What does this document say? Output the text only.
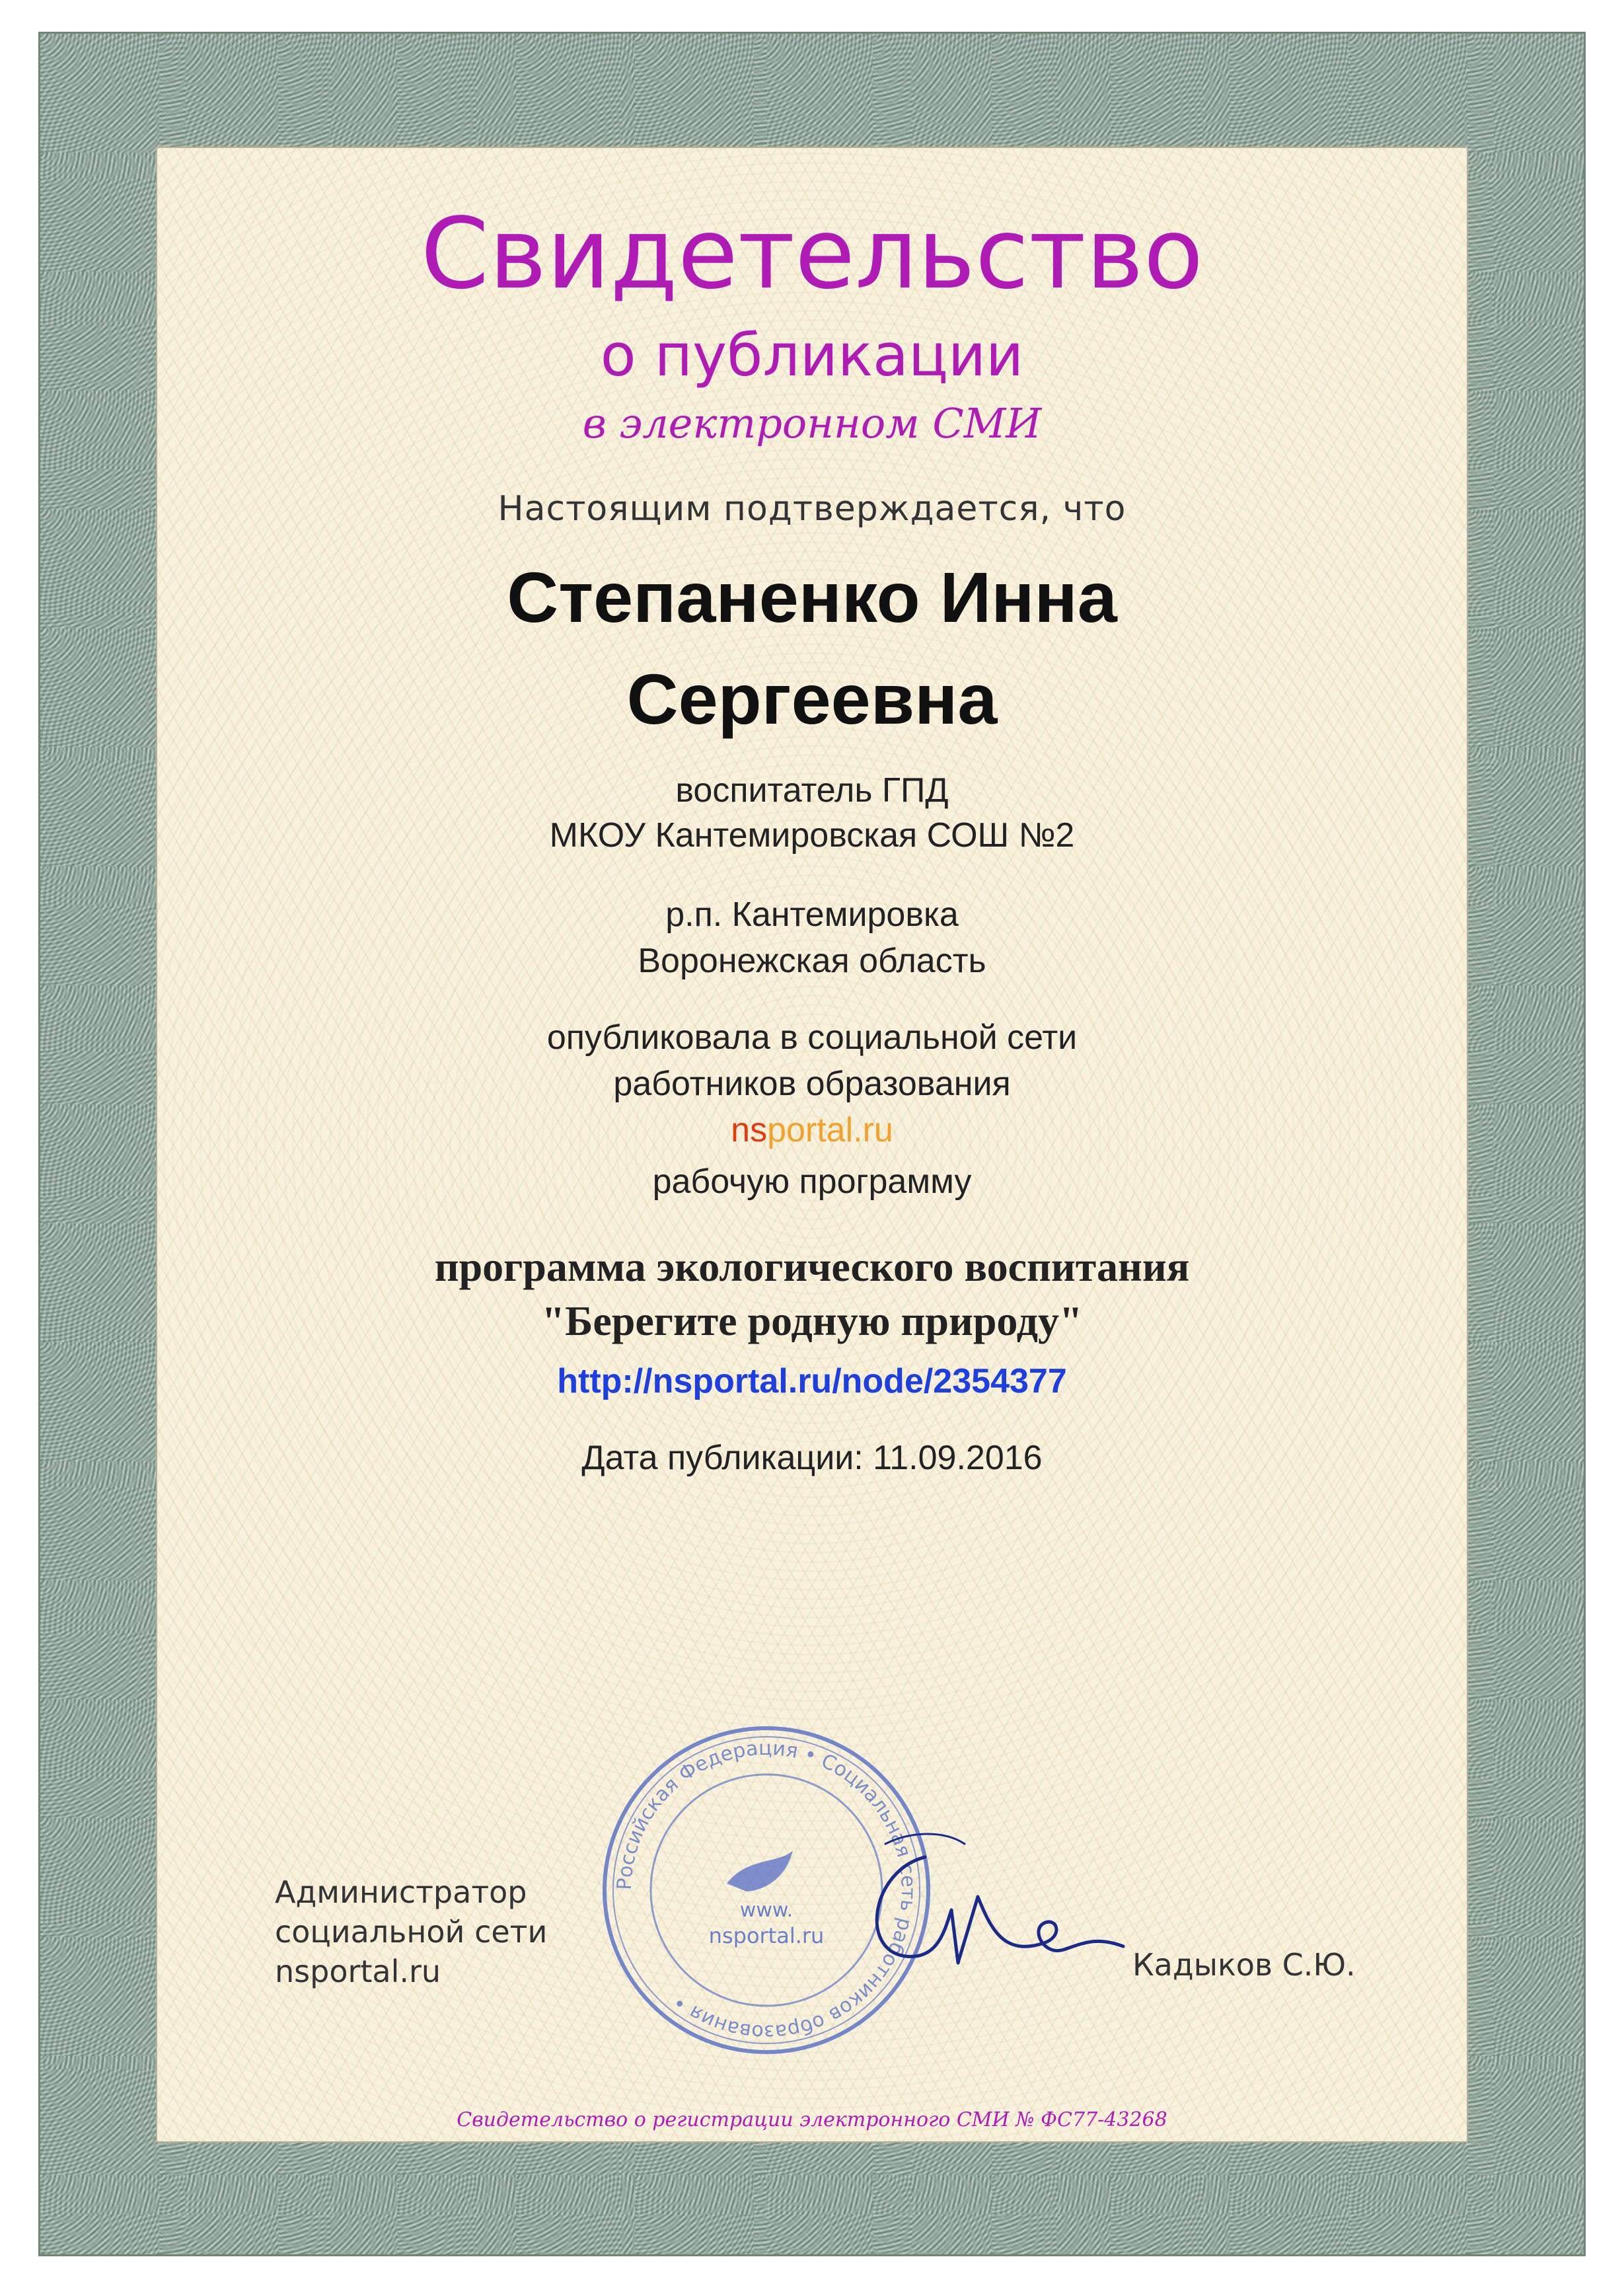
Свидетельство
о публикации
в электронном СМИ
Настоящим подтверждается, что
Степаненко Инна
Сергеевна
воспитатель ГПД
МКОУ Кантемировская СОШ №2
р.п. Кантемировка
Воронежская область
опубликовала в социальной сети
работников образования
nsportal.ru
рабочую программу
программа экологического воспитания
"Берегите родную природу"
http://nsportal.ru/node/2354377
Дата публикации: 11.09.2016
Администратор
социальной сети
nsportal.ru
Российская Федерация • Социальная сеть работников образования •
www.
nsportal.ru
Кадыков С.Ю.
Свидетельство о регистрации электронного СМИ № ФС77-43268
